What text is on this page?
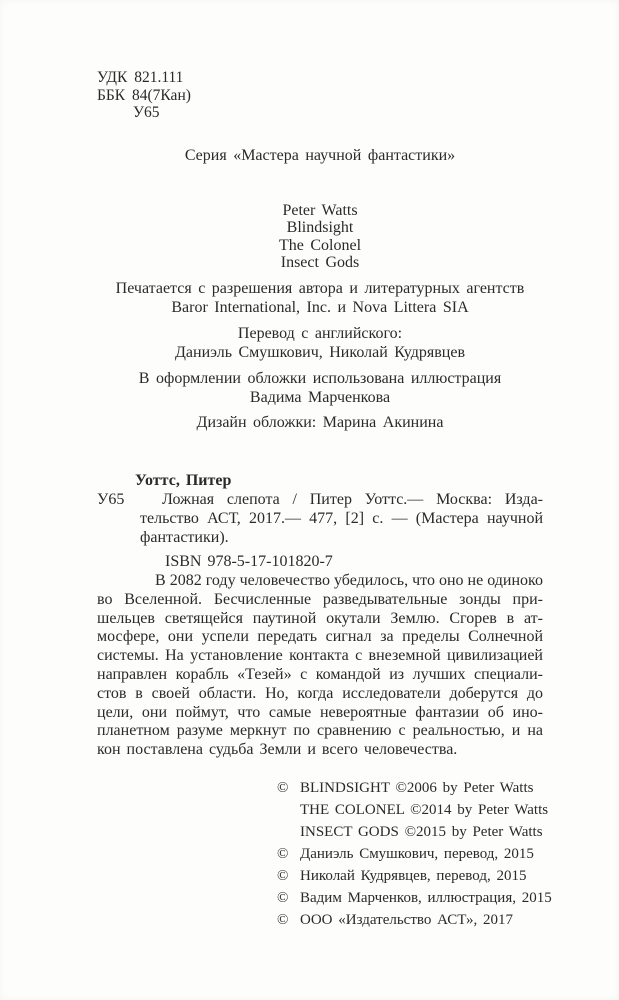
УДК 821.111
ББК 84(7Кан)
У65
Серия «Мастера научной фантастики»
Peter Watts
Blindsight
The Colonel
Insect Gods
Печатается с разрешения автора и литературных агентств
Baror International, Inc. и Nova Littera SIA
Перевод с английского:
Даниэль Смушкович, Николай Кудрявцев
В оформлении обложки использована иллюстрация
Вадима Марченкова
Дизайн обложки: Марина Акинина
Уоттс, Питер
У65	Ложная слепота / Питер Уоттс.— Москва: Изда-
тельство АСТ, 2017.— 477, [2] с. — (Мастера научной
фантастики).
ISBN 978-5-17-101820-7
В 2082 году человечество убедилось, что оно не одиноко
во Вселенной. Бесчисленные разведывательные зонды при-
шельцев светящейся паутиной окутали Землю. Сгорев в ат-
мосфере, они успели передать сигнал за пределы Солнечной
системы. На установление контакта с внеземной цивилизацией
направлен корабль «Тезей» с командой из лучших специали-
стов в своей области. Но, когда исследователи доберутся до
цели, они поймут, что самые невероятные фантазии об ино-
планетном разуме меркнут по сравнению с реальностью, и на
кон поставлена судьба Земли и всего человечества.
© BLINDSIGHT ©2006 by Peter Watts
THE COLONEL ©2014 by Peter Watts
INSECT GODS ©2015 by Peter Watts
© Даниэль Смушкович, перевод, 2015
© Николай Кудрявцев, перевод, 2015
© Вадим Марченков, иллюстрация, 2015
© ООО «Издательство АСТ», 2017
